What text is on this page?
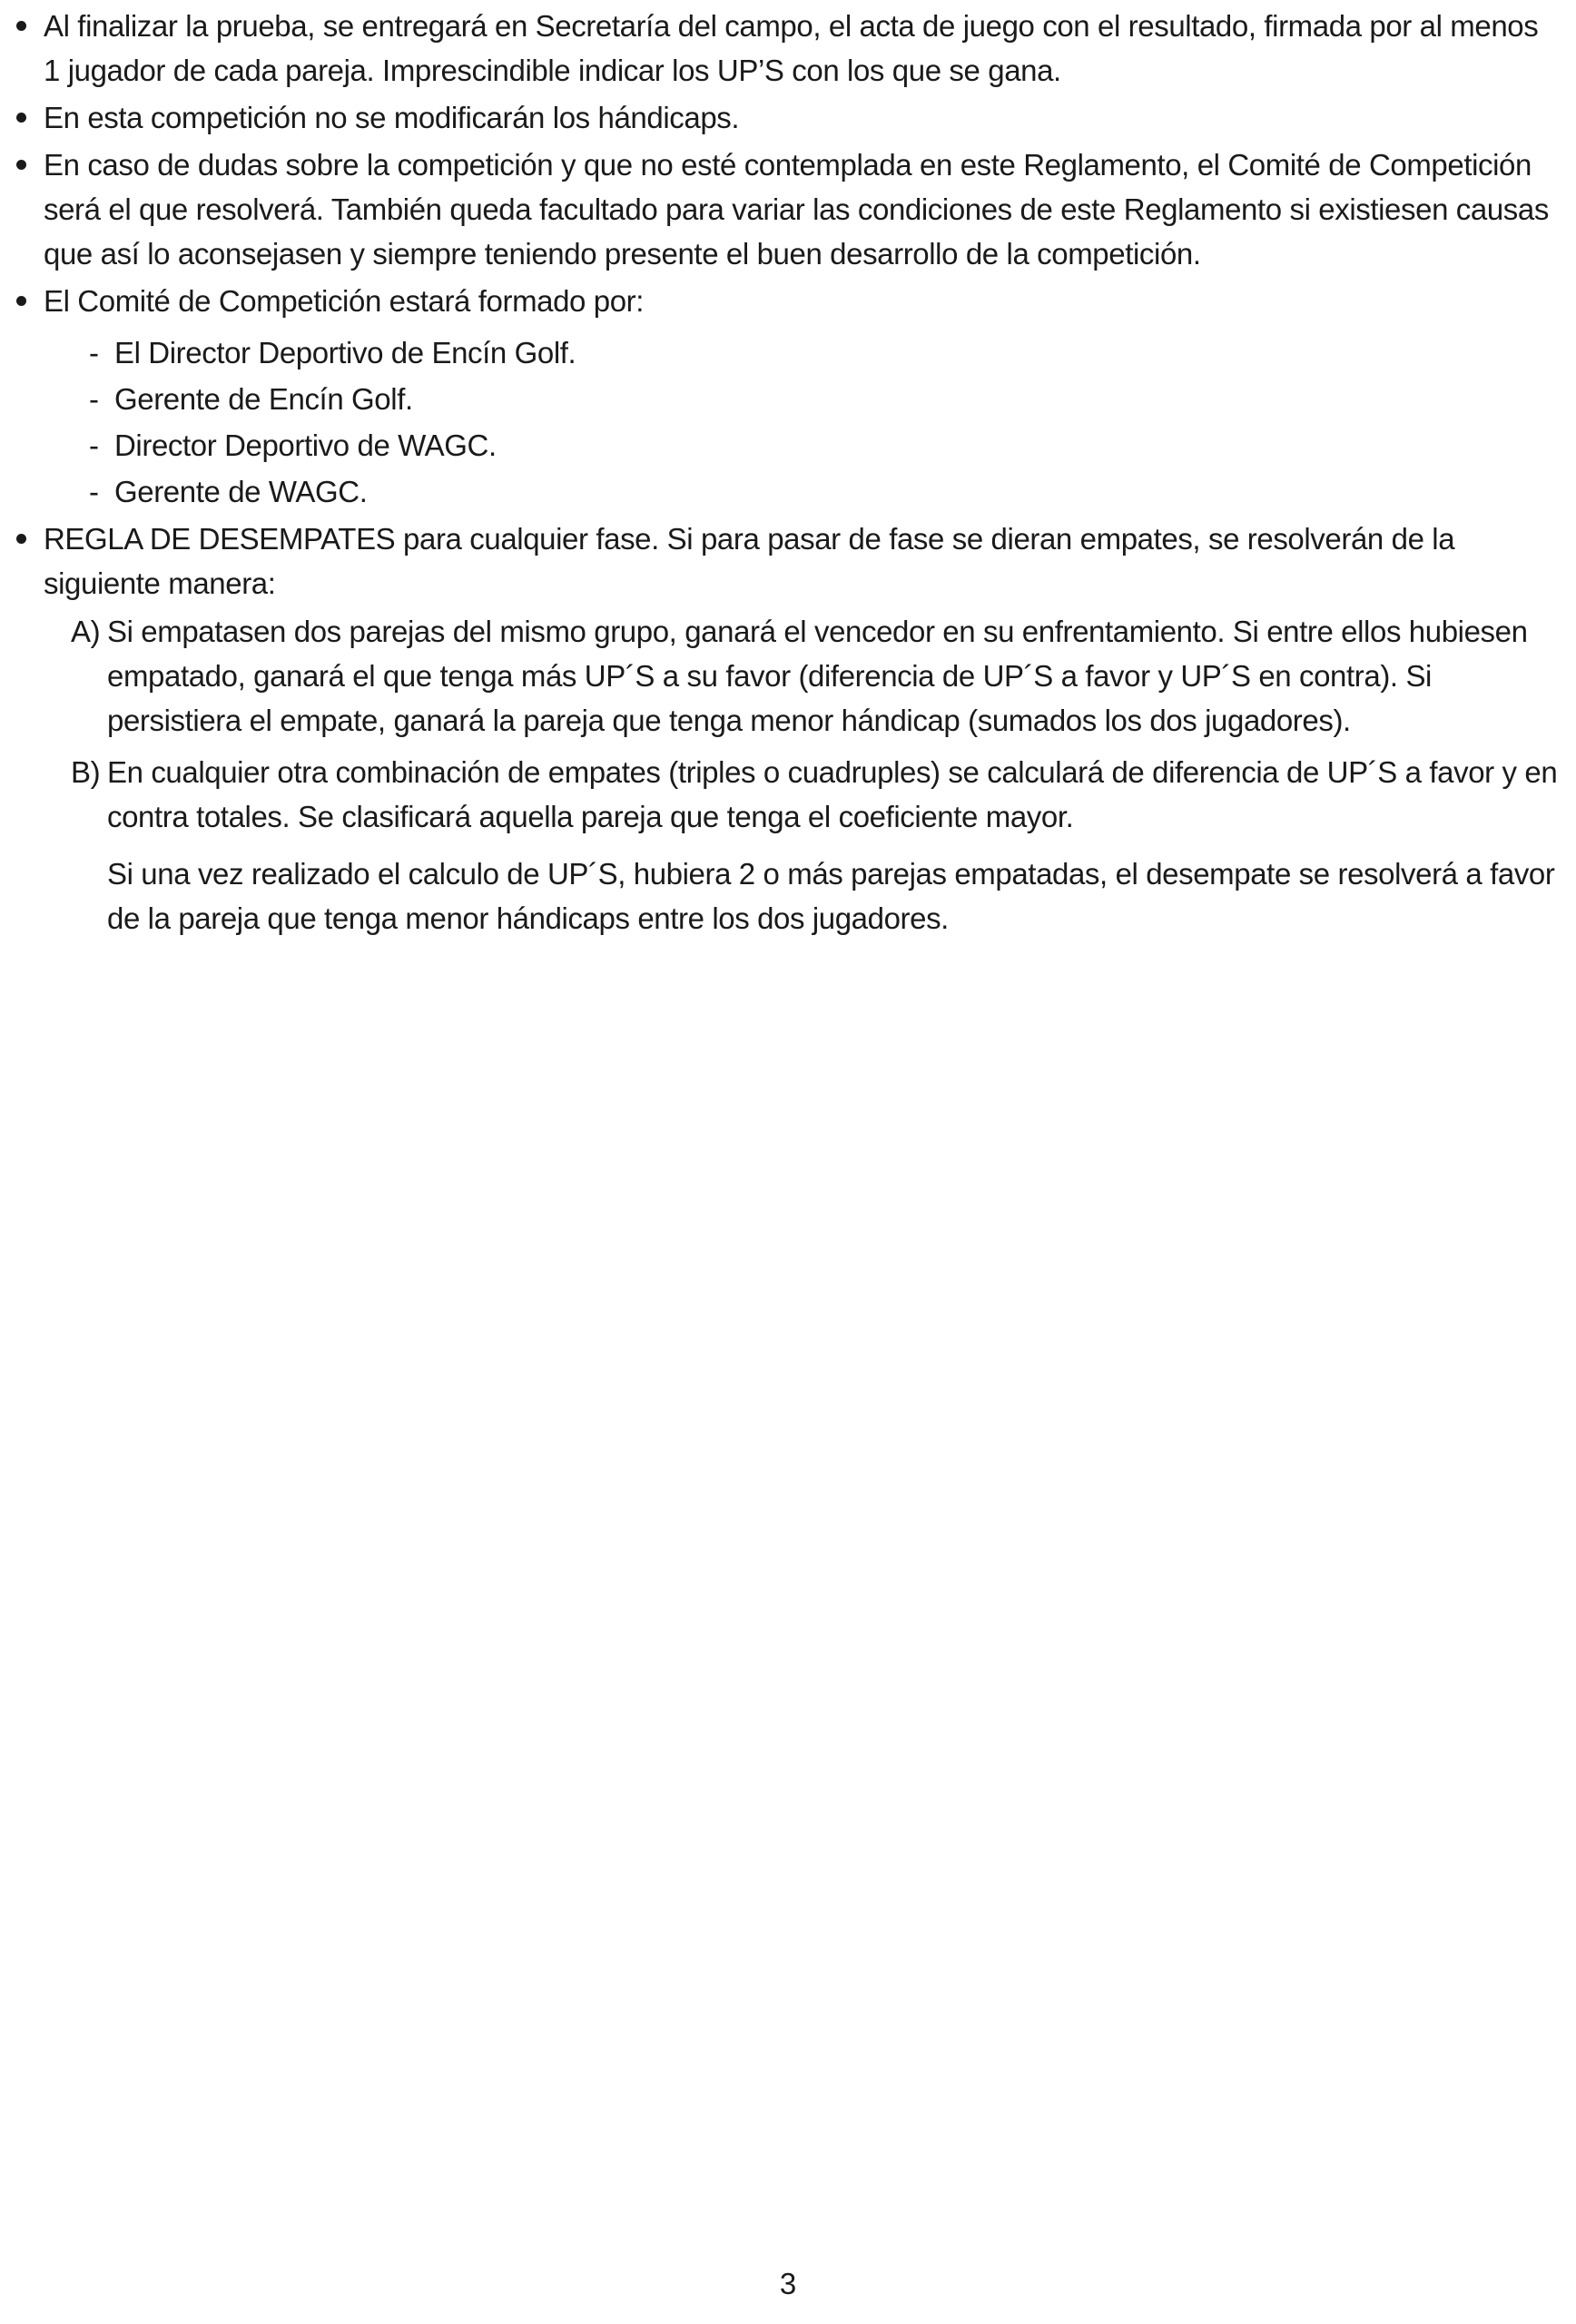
Al finalizar la prueba, se entregará en Secretaría del campo, el acta de juego con el resultado, firmada por al menos 1 jugador de cada pareja. Imprescindible indicar los UP’S con los que se gana.
En esta competición no se modificarán los hándicaps.
En caso de dudas sobre la competición y que no esté contemplada en este Reglamento, el Comité de Competición será el que resolverá. También queda facultado para variar las condiciones de este Reglamento si existiesen causas que así lo aconsejasen y siempre teniendo presente el buen desarrollo de la competición.
El Comité de Competición estará formado por:
- El Director Deportivo de Encín Golf.
- Gerente de Encín Golf.
- Director Deportivo de WAGC.
- Gerente de WAGC.
REGLA DE DESEMPATES para cualquier fase. Si para pasar de fase se dieran empates, se resolverán de la siguiente manera:
A) Si empatasen dos parejas del mismo grupo, ganará el vencedor en su enfrentamiento. Si entre ellos hubiesen empatado, ganará el que tenga más UP´S a su favor (diferencia de UP´S a favor y UP´S en contra). Si persistiera el empate, ganará la pareja que tenga menor hándicap (sumados los dos jugadores).
B) En cualquier otra combinación de empates (triples o cuadruples) se calculará de diferencia de UP´S a favor y en contra totales. Se clasificará aquella pareja que tenga el coeficiente mayor.
Si una vez realizado el calculo de UP´S, hubiera 2 o más parejas empatadas, el desempate se resolverá a favor de la pareja que tenga menor hándicaps entre los dos jugadores.
3
